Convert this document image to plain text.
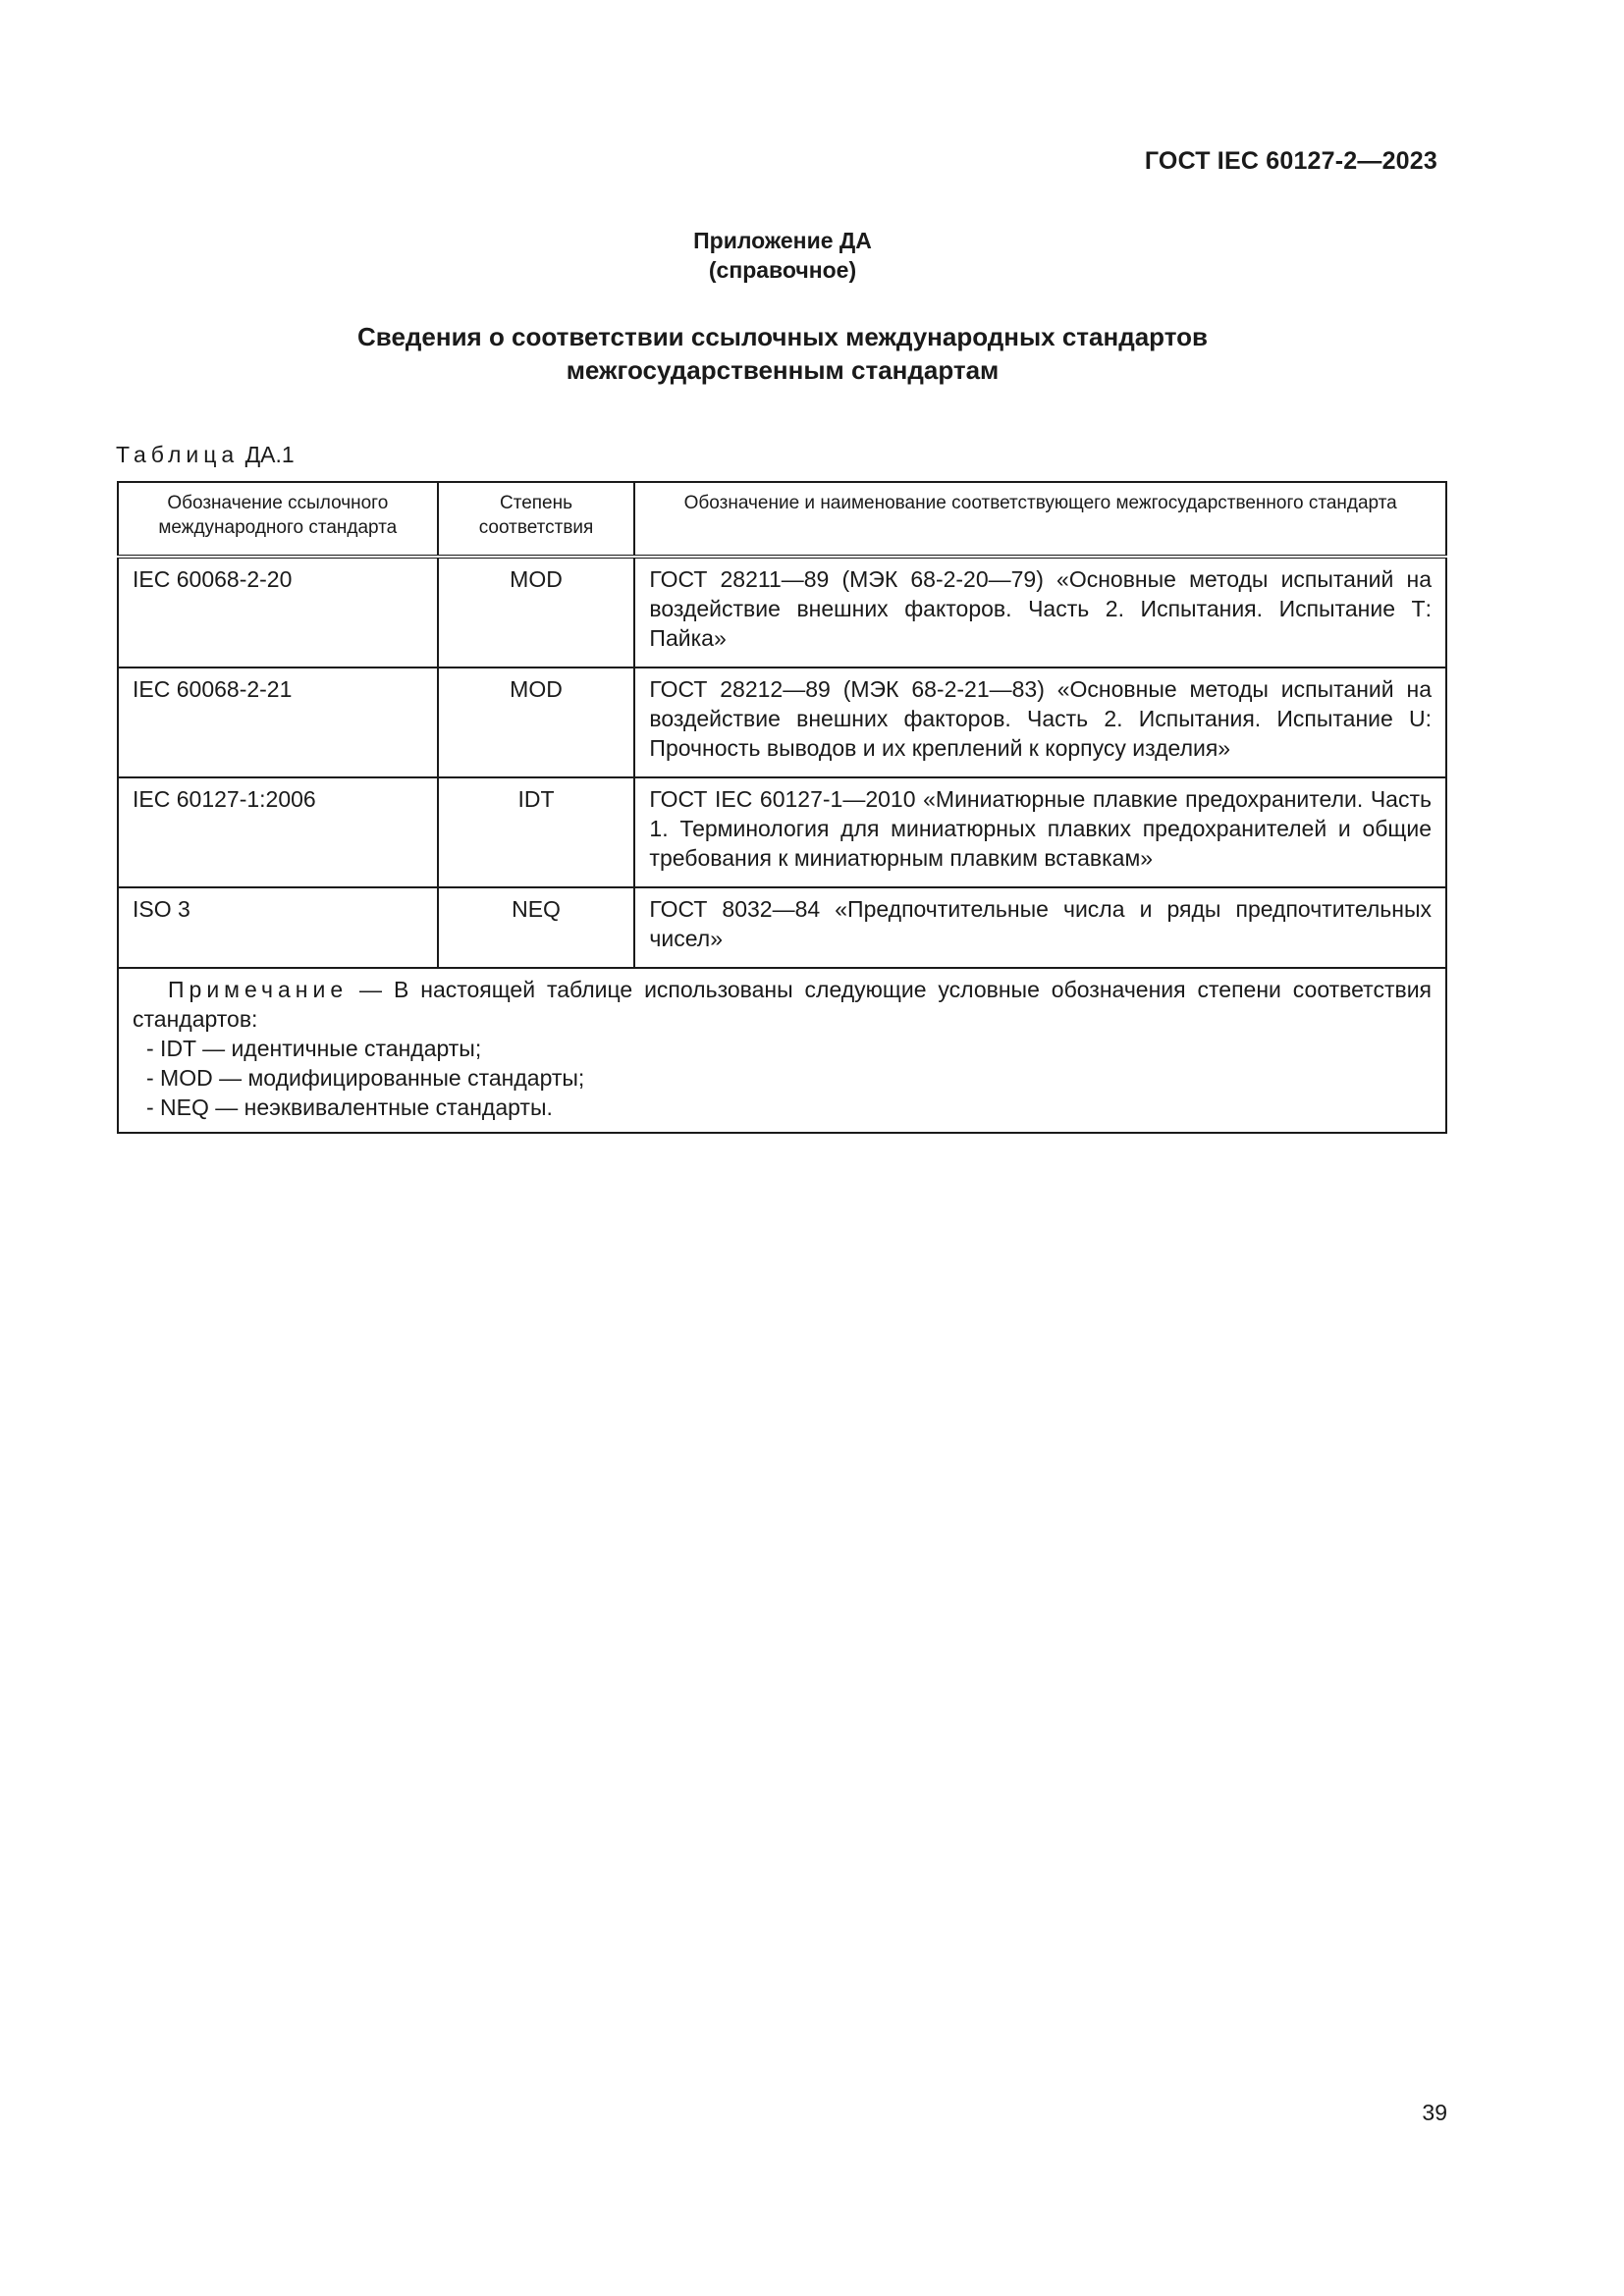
ГОСТ IEC 60127-2—2023
Приложение ДА
(справочное)
Сведения о соответствии ссылочных международных стандартов
межгосударственным стандартам
Таблица ДА.1
Обозначение ссылочного международного стандарта	Степень соответствия	Обозначение и наименование соответствующего межгосударственного стандарта
IEC 60068-2-20	MOD	ГОСТ 28211—89 (МЭК 68-2-20—79) «Основные методы испытаний на воздействие внешних факторов. Часть 2. Испытания. Испытание Т: Пайка»
IEC 60068-2-21	MOD	ГОСТ 28212—89 (МЭК 68-2-21—83) «Основные методы испытаний на воздействие внешних факторов. Часть 2. Испытания. Испытание U: Прочность выводов и их креплений к корпусу изделия»
IEC 60127-1:2006	IDT	ГОСТ IEC 60127-1—2010 «Миниатюрные плавкие предохранители. Часть 1. Терминология для миниатюрных плавких предохранителей и общие требования к миниатюрным плавким вставкам»
ISO 3	NEQ	ГОСТ 8032—84 «Предпочтительные числа и ряды предпочтительных чисел»

Примечание — В настоящей таблице использованы следующие условные обозначения степени соответствия стандартов:
- IDT — идентичные стандарты;
- MOD — модифицированные стандарты;
- NEQ — неэквивалентные стандарты.		
39
